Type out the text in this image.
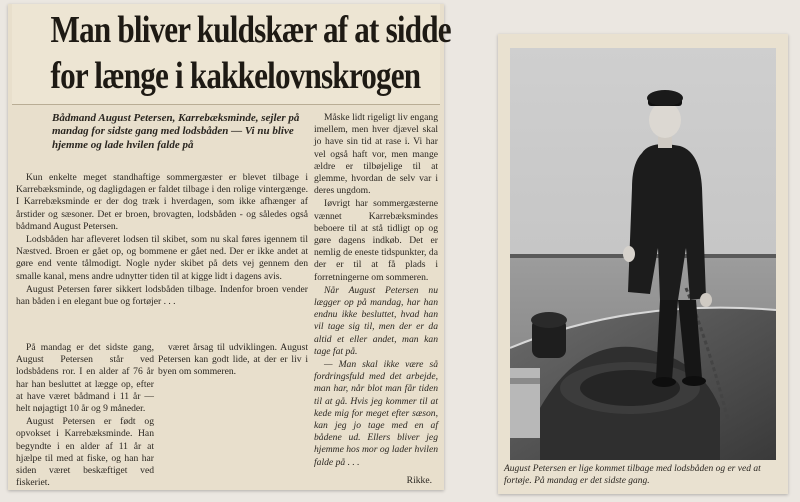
Man bliver kuldskær af at sidde
for længe i kakkelovnskrogen
Bådmand August Petersen, Karrebæksminde, sejler på mandag for sidste gang med lodsbåden — Vi nu blive hjemme og lade hvilen falde på

Kun enkelte meget standhaftige sommergæster er blevet tilbage i Karrebæksminde, og dagligdagen er faldet tilbage i den rolige vintergænge. I Karrebæksminde er der dog træk i hverdagen, som ikke afhænger af årstider og sæsoner. Det er broen, brovagten, lodsbåden - og således også bådmand August Petersen.

Lodsbåden har afleveret lodsen til skibet, som nu skal føres igennem til Næstved. Broen er gået op, og bommene er gået ned. Der er ikke andet at gøre end vente tålmodigt. Nogle nyder skibet på dets vej gennem den smalle kanal, mens andre udnytter tiden til at kigge lidt i dagens avis.

August Petersen fører sikkert lodsbåden tilbage. Indenfor broen vender han båden i en elegant bue og fortøjer . . .

På mandag er det sidste gang, August Petersen står ved lodsbådens ror. I en alder af 76 år har han besluttet at lægge op, efter at have været bådmand i 11 år — helt nøjagtigt 10 år og 9 måneder.

August Petersen er født og opvokset i Karrebæksminde. Han begyndte i en alder af 11 år at hjælpe til med at fiske, og han har siden været beskæftiget ved fiskeriet.

været årsag til udviklingen. August Petersen kan godt lide, at der er liv i byen om sommeren.

Måske lidt rigeligt liv engang imellem, men hver djævel skal jo have sin tid at rase i. Vi har vel også haft vor, men mange ældre er tilbøjelige til at glemme, hvordan de selv var i deres ungdom.

Iøvrigt har sommergæsterne vænnet Karrebæksmindes beboere til at stå tidligt op og gøre dagens indkøb. Det er nemlig de eneste tidspunkter, da der er til at få plads i forretningerne om sommeren.

Når August Petersen nu lægger op på mandag, har han endnu ikke besluttet, hvad han vil tage sig til, men der er da altid et eller andet, man kan tage fat på.

— Man skal ikke være så fordringsfuld med det arbejde, man har, når blot man får tiden til at gå. Hvis jeg kommer til at kede mig for meget efter sæson, kan jeg jo tage med en af bådene ud. Ellers bliver jeg hjemme hos mor og lader hvilen falde på . . .

Rikke.
August Petersen er lige kommet tilbage med lodsbåden og er ved at fortøje. På mandag er det sidste gang.
